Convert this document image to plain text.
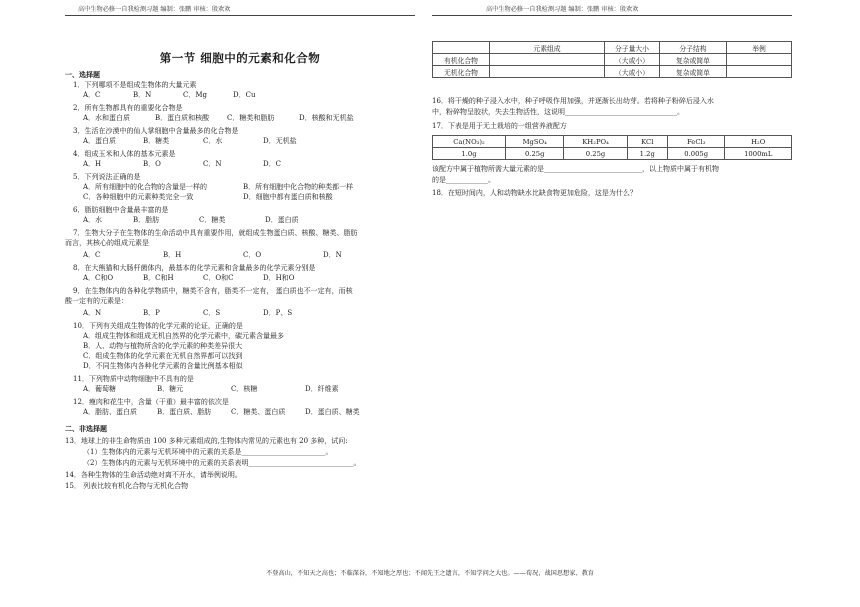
高中生物必修一自我检测习题 编制：张鹏 审核：殷欢欢	高中生物必修一自我检测习题 编制：张鹏 审核：殷欢欢
第一节 细胞中的元素和化合物
一、选择题
1．下列哪项不是组成生物体的大量元素
A．C	B．N	C．Mg	D．Cu
2．所有生物都具有的重要化合物是
A．水和蛋白质	B．蛋白质和核酸	C．糖类和脂肪	D．核酸和无机盐
3．生活在沙漠中的仙人掌细胞中含量最多的化合物是
A．蛋白质	B．糖类	C．水	D．无机盐
4．组成玉米和人体的基本元素是
A．H	B．O	C．N	D．C
5．下列说法正确的是
A．所有细胞中的化合物的含量是一样的	B．所有细胞中化合物的种类都一样
C．各种细胞中的元素种类完全一致	D．细胞中都有蛋白质和核酸
6．脂肪细胞中含量最丰富的是
A．水	B．脂肪	C．糖类	D．蛋白质
7．生物大分子在生物体的生命活动中具有重要作用，就组成生物蛋白质、核酸、糖类、脂肪
而言，其核心的组成元素是
A．C	B．H	C．O	D．N
8．在大熊猫和大肠杆菌体内，最基本的化学元素和含量最多的化学元素分别是
A．C和O	B．C和H	C．O和C	D．H和O
9．在生物体内的各种化学物质中，糖类不含有，脂类不一定有， 蛋白质也不一定有，而核
酸一定有的元素是：
A．N	B．P	C．S	D．P、S
10．下列有关组成生物体的化学元素的论证，正确的是
A．组成生物体和组成无机自然界的化学元素中，碳元素含量最多
B．人、动物与植物所含的化学元素的种类差异很大
C．组成生物体的化学元素在无机自然界都可以找到
D．不同生物体内各种化学元素的含量比例基本相似
11．下列物质中动物细胞中不具有的是
A．葡萄糖	B．糖元	C．核糖	D．纤维素
12．瘦肉和花生中，含量（干重）最丰富的依次是
A．脂肪、蛋白质	B．蛋白质、脂肪	C．糖类、蛋白质	D．蛋白质、糖类
二、非选择题
13．地球上的非生命物质由 100 多种元素组成的,生物体内常见的元素也有 20 多种，试问:
（1）生物体内的元素与无机环境中的元素的关系是________________________。
（2）生物体内的元素与无机环境中的元素的关系表明______________________________。
14．各种生物体的生命活动绝对离不开水，请举例说明。
15． 列表比较有机化合物与无机化合物
	元素组成	分子量大小	分子结构	举例
有机化合物		（大或小）	复杂或简单	
无机化合物		（大或小）	复杂或简单	
16．将干燥的种子浸入水中，种子呼吸作用加强，并逐渐长出幼芽。若将种子粉碎后浸入水
中，粉碎物呈胶状，失去生物活性，这说明________________________________。
17．下表是用于无土栽培的一组营养液配方
Ca(NO₃)₂	MgSO₄	KH₂PO₄	KCl	FeCl₃	H₂O
1.0g	0.25g	0.25g	1.2g	0.005g	1000mL
该配方中属于植物所需大量元素的是____________________________，以上物质中属于有机物
的是____________。
18．在短时间内，人和动物缺水比缺食物更加危险，这是为什么？
不登高山，不知天之高也；不临深谷，不知地之厚也；不闻先王之遗言，不知学问之大也。——荀况，战国思想家、教育
